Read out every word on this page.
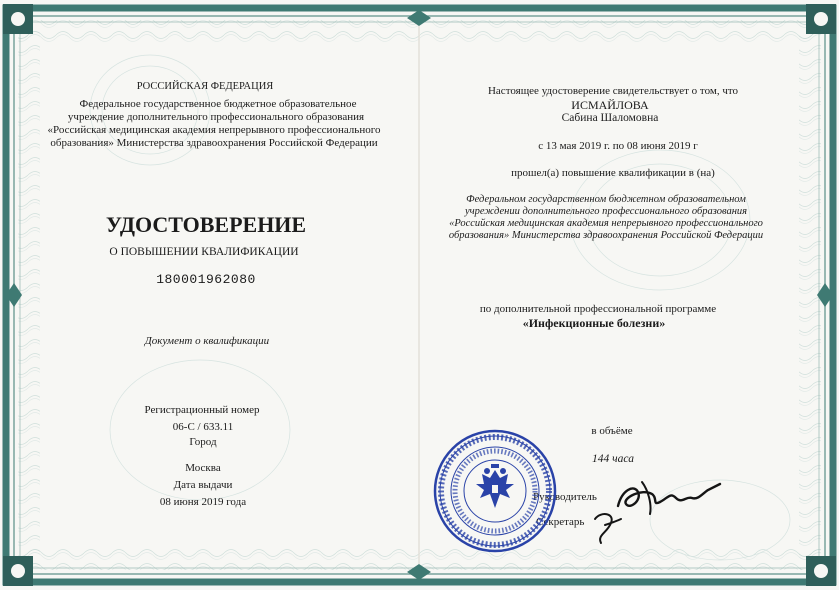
РОССИЙСКАЯ ФЕДЕРАЦИЯ
Федеральное государственное бюджетное образовательное
учреждение дополнительного профессионального образования
«Российская медицинская академия непрерывного профессионального
образования» Министерства здравоохранения Российской Федерации
УДОСТОВЕРЕНИЕ
О ПОВЫШЕНИИ КВАЛИФИКАЦИИ
180001962080
Документ о квалификации
Регистрационный номер
06-С / 633.11
Город
Москва
Дата выдачи
08 июня 2019 года
Настоящее удостоверение свидетельствует о том, что
ИСМАЙЛОВА
Сабина Шаломовна
с 13 мая 2019 г. по 08 июня 2019 г
прошел(а) повышение квалификации в (на)
Федеральном государственном бюджетном образовательном
учреждении дополнительного профессионального образования
«Российская медицинская академия непрерывного профессионального
образования» Министерства здравоохранения Российской Федерации
по дополнительной профессиональной программе
«Инфекционные болезни»
в объёме
144 часа
Руководитель
Секретарь
